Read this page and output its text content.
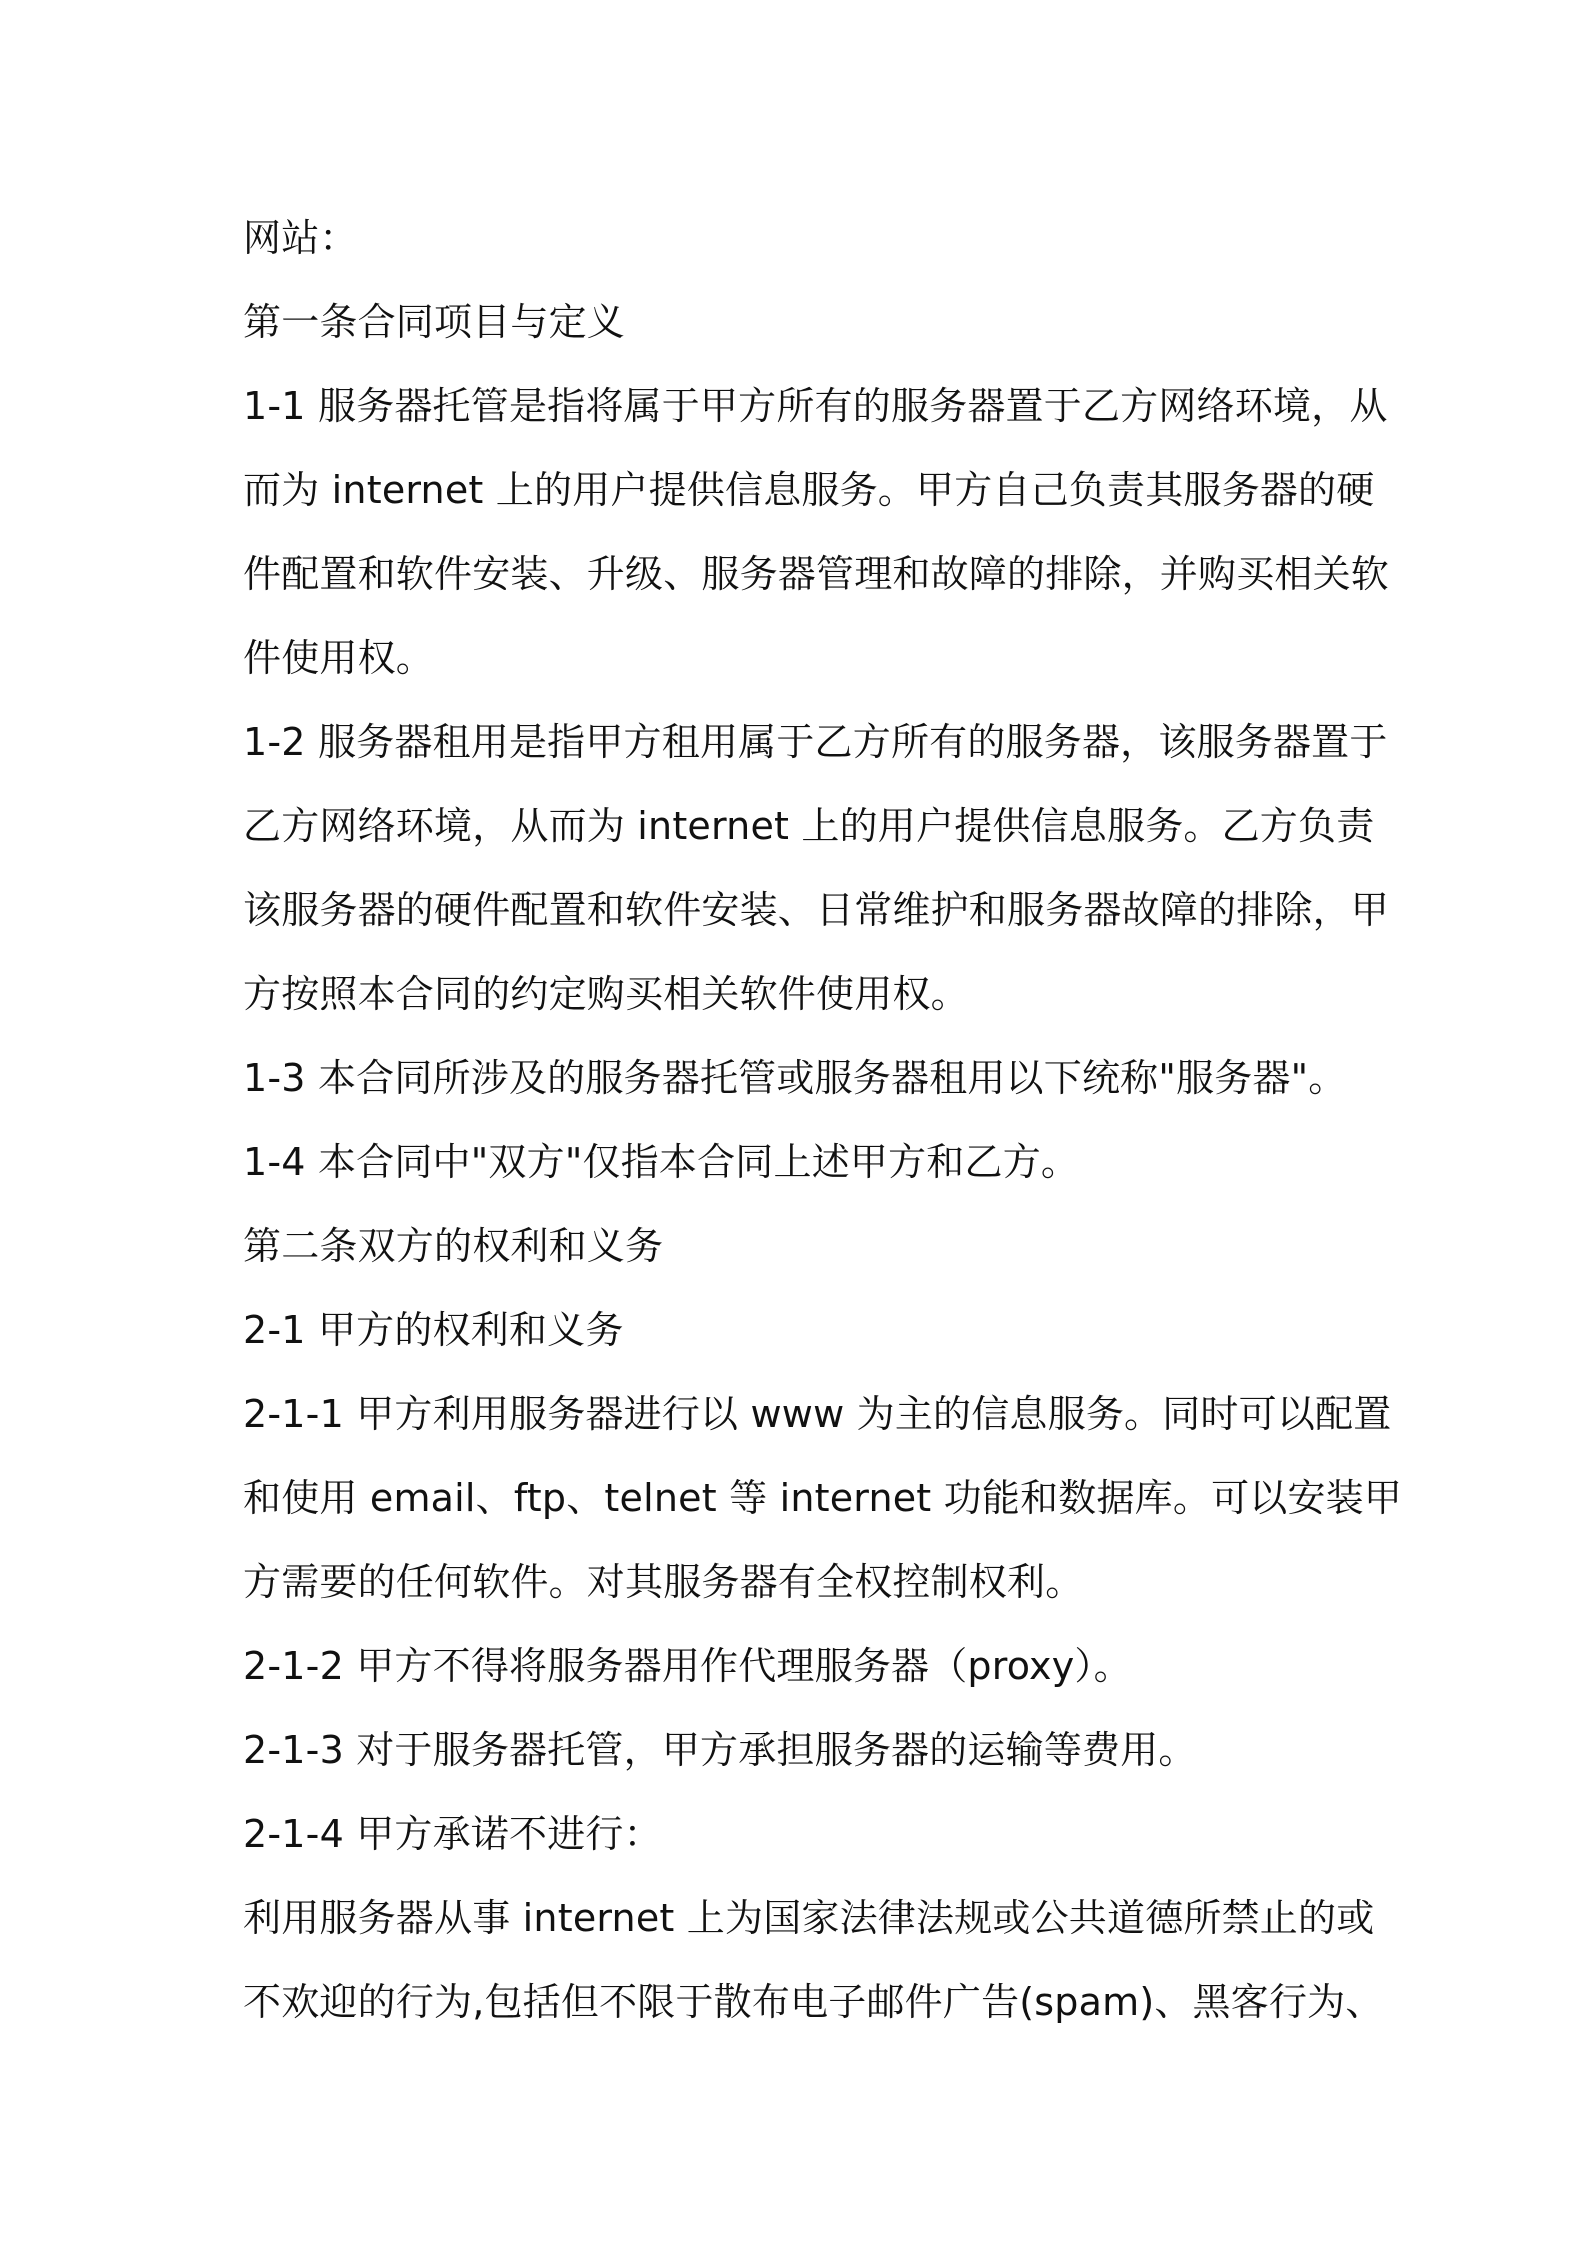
网站：
第一条合同项目与定义
1-1 服务器托管是指将属于甲方所有的服务器置于乙方网络环境，从
而为 internet 上的用户提供信息服务。甲方自己负责其服务器的硬
件配置和软件安装、升级、服务器管理和故障的排除，并购买相关软
件使用权。
1-2 服务器租用是指甲方租用属于乙方所有的服务器，该服务器置于
乙方网络环境，从而为 internet 上的用户提供信息服务。乙方负责
该服务器的硬件配置和软件安装、日常维护和服务器故障的排除，甲
方按照本合同的约定购买相关软件使用权。
1-3 本合同所涉及的服务器托管或服务器租用以下统称"服务器"。
1-4 本合同中"双方"仅指本合同上述甲方和乙方。
第二条双方的权利和义务
2-1 甲方的权利和义务
2-1-1 甲方利用服务器进行以 www 为主的信息服务。同时可以配置
和使用 email、ftp、telnet 等 internet 功能和数据库。可以安装甲
方需要的任何软件。对其服务器有全权控制权利。
2-1-2 甲方不得将服务器用作代理服务器（proxy）。
2-1-3 对于服务器托管，甲方承担服务器的运输等费用。
2-1-4 甲方承诺不进行：
利用服务器从事 internet 上为国家法律法规或公共道德所禁止的或
不欢迎的行为,包括但不限于散布电子邮件广告(spam)、黑客行为、
